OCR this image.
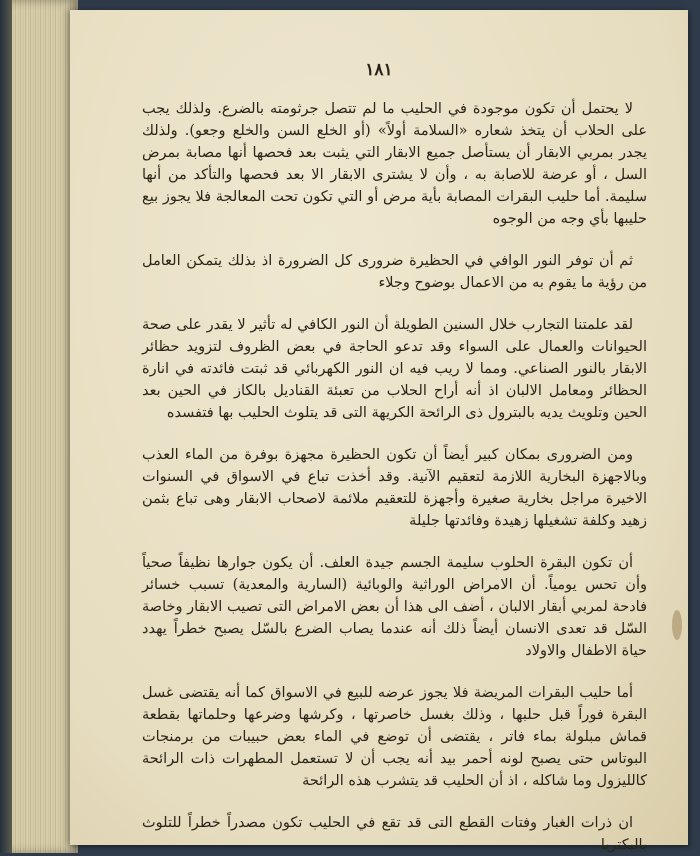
١٨١

لا يحتمل أن تكون موجودة في الحليب ما لم تتصل جرثومته بالضرع. ولذلك يجب على الحلاب أن يتخذ شعاره «السلامة أولاً» (أو الخلع السن والخلع وجعو). ولذلك يجدر بمربي الابقار أن يستأصل جميع الابقار التي يثبت بعد فحصها أنها مصابة بمرض السل ، أو عرضة للاصابة به ، وأن لا يشترى الابقار الا بعد فحصها والتأكد من أنها سليمة. أما حليب البقرات المصابة بأية مرض أو التي تكون تحت المعالجة فلا يجوز بيع حليبها بأي وجه من الوجوه

ثم أن توفر النور الوافي في الحظيرة ضرورى كل الضرورة اذ بذلك يتمكن العامل من رؤية ما يقوم به من الاعمال بوضوح وجلاء

لقد علمتنا التجارب خلال السنين الطويلة أن النور الكافي له تأثير لا يقدر على صحة الحيوانات والعمال على السواء وقد تدعو الحاجة في بعض الظروف لتزويد حظائر الابقار بالنور الصناعي. ومما لا ريب فيه ان النور الكهربائي قد ثبتت فائدته في انارة الحظائر ومعامل الالبان اذ أنه أراح الحلاب من تعبئة القناديل بالكاز في الحين بعد الحين وتلويث يديه بالبترول ذى الرائحة الكريهة التى قد يتلوث الحليب بها فتفسده

ومن الضرورى بمكان كبير أيضاً أن تكون الحظيرة مجهزة بوفرة من الماء العذب وبالاجهزة البخارية اللازمة لتعقيم الآنية. وقد أخذت تباع في الاسواق في السنوات الاخيرة مراجل بخارية صغيرة وأجهزة للتعقيم ملائمة لاصحاب الابقار وهى تباع بثمن زهيد وكلفة تشغيلها زهيدة وفائدتها جليلة

أن تكون البقرة الحلوب سليمة الجسم جيدة العلف. أن يكون جوارها نظيفاً صحياً وأن تحس يومياً. أن الامراض الوراثية والوبائية (السارية والمعدية) تسبب خسائر فادحة لمربي أبقار الالبان ، أضف الى هذا أن بعض الامراض التى تصيب الابقار وخاصة السّل قد تعدى الانسان أيضاً ذلك أنه عندما يصاب الضرع بالسّل يصبح خطراً يهدد حياة الاطفال والاولاد

أما حليب البقرات المريضة فلا يجوز عرضه للبيع في الاسواق كما أنه يقتضى غسل البقرة فوراً قبل حلبها ، وذلك بغسل خاصرتها ، وكرشها وضرعها وحلماتها بقطعة قماش مبلولة بماء فاتر ، يقتضى أن توضع في الماء بعض حبيبات من برمنجات البوتاس حتى يصبح لونه أحمر بيد أنه يجب أن لا تستعمل المطهرات ذات الرائحة كالليزول وما شاكله ، اذ أن الحليب قد يتشرب هذه الرائحة

ان ذرات الغبار وفتات القطع التى قد تقع في الحليب تكون مصدراً خطراً للتلوث بالبكتريا
